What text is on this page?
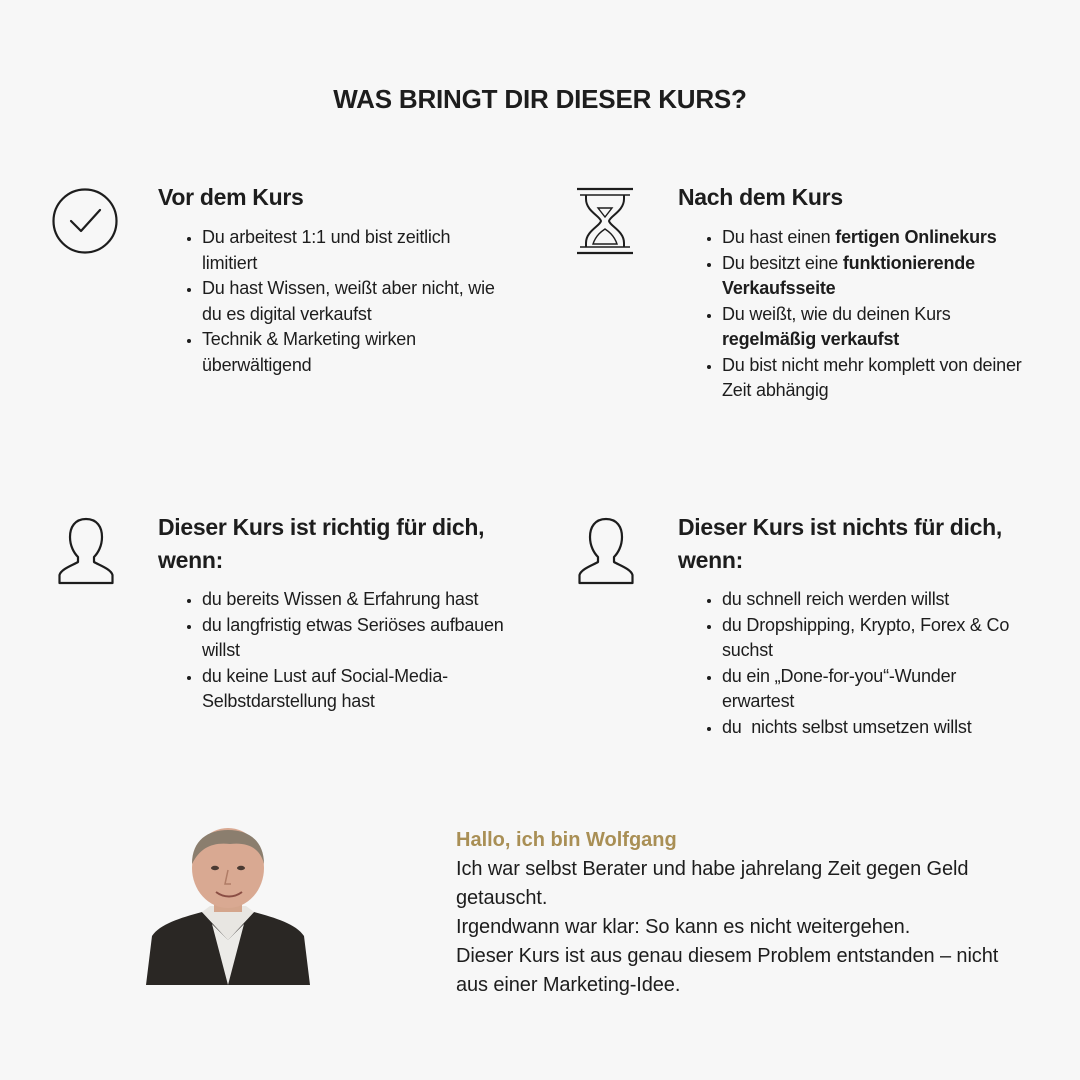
WAS BRINGT DIR DIESER KURS?
Vor dem Kurs
• Du arbeitest 1:1 und bist zeitlich limitiert
• Du hast Wissen, weißt aber nicht, wie du es digital verkaufst
• Technik & Marketing wirken überwältigend
Nach dem Kurs
• Du hast einen fertigen Onlinekurs
• Du besitzt eine funktionierende Verkaufsseite
• Du weißt, wie du deinen Kurs regelmäßig verkaufst
• Du bist nicht mehr komplett von deiner Zeit abhängig
Dieser Kurs ist richtig für dich, wenn:
• du bereits Wissen & Erfahrung hast
• du langfristig etwas Seriöses aufbauen willst
• du keine Lust auf Social-Media-Selbstdarstellung hast
Dieser Kurs ist nichts für dich, wenn:
• du schnell reich werden willst
• du Dropshipping, Krypto, Forex & Co suchst
• du ein „Done-for-you“-Wunder erwartest
• du  nichts selbst umsetzen willst
Hallo, ich bin Wolfgang
Ich war selbst Berater und habe jahrelang Zeit gegen Geld getauscht.
Irgendwann war klar: So kann es nicht weitergehen.
Dieser Kurs ist aus genau diesem Problem entstanden – nicht aus einer Marketing-Idee.
